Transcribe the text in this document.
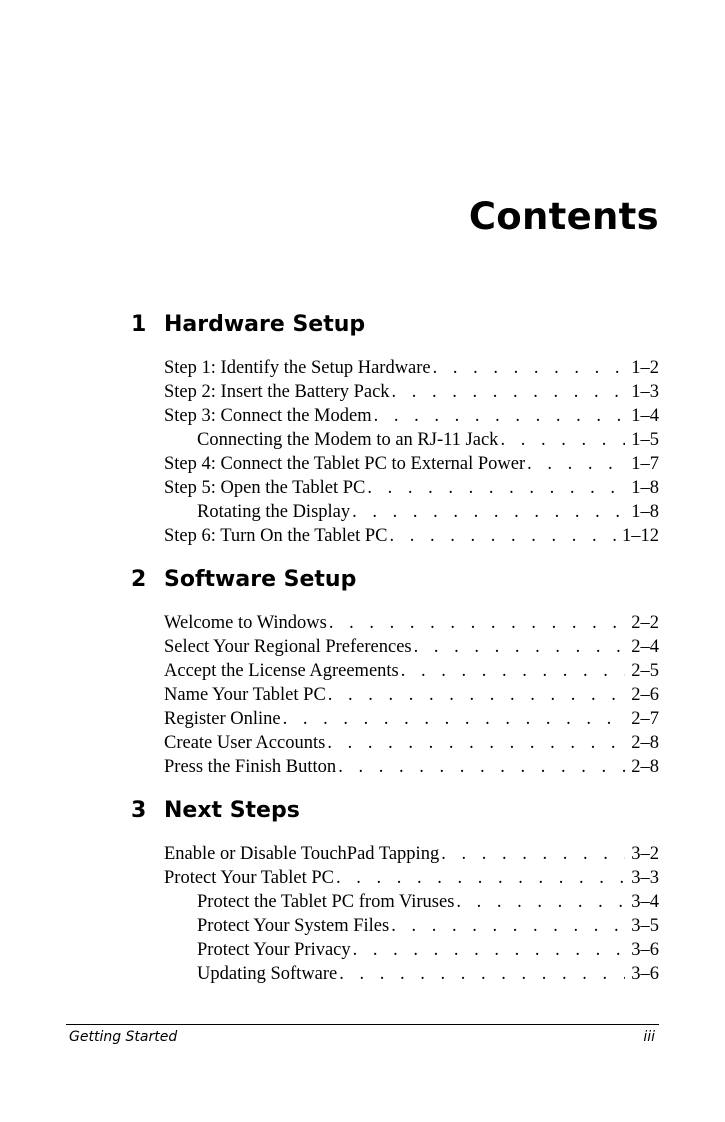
Contents
1 Hardware Setup
Step 1: Identify the Setup Hardware . . .	1–2
Step 2: Insert the Battery Pack . . .	1–3
Step 3: Connect the Modem . . .	1–4
Connecting the Modem to an RJ-11 Jack . . .	1–5
Step 4: Connect the Tablet PC to External Power . . .	1–7
Step 5: Open the Tablet PC . . .	1–8
Rotating the Display . . .	1–8
Step 6: Turn On the Tablet PC . . .	1–12
2 Software Setup
Welcome to Windows . . .	2–2
Select Your Regional Preferences . . .	2–4
Accept the License Agreements . . .	2–5
Name Your Tablet PC . . .	2–6
Register Online . . .	2–7
Create User Accounts . . .	2–8
Press the Finish Button . . .	2–8
3 Next Steps
Enable or Disable TouchPad Tapping . . .	3–2
Protect Your Tablet PC . . .	3–3
Protect the Tablet PC from Viruses . . .	3–4
Protect Your System Files . . .	3–5
Protect Your Privacy . . .	3–6
Updating Software . . .	3–6
Getting Started	iii
